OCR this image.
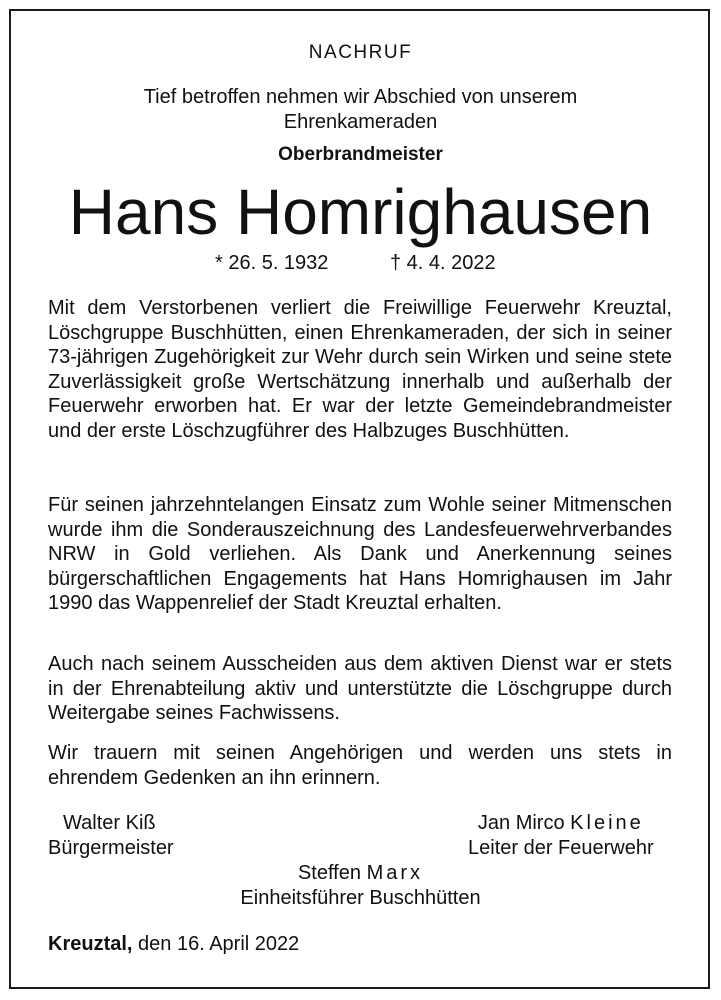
NACHRUF
Tief betroffen nehmen wir Abschied von unserem
Ehrenkameraden
Oberbrandmeister
Hans Homrighausen
* 26. 5. 1932	† 4. 4. 2022
Mit dem Verstorbenen verliert die Freiwillige Feuerwehr Kreuztal, Löschgruppe Buschhütten, einen Ehrenkameraden, der sich in seiner 73-jährigen Zugehörigkeit zur Wehr durch sein Wirken und seine stete Zuverlässigkeit große Wertschätzung innerhalb und außerhalb der Feuerwehr erworben hat. Er war der letzte Gemeindebrandmeister und der erste Löschzugführer des Halbzuges Buschhütten.
Für seinen jahrzehntelangen Einsatz zum Wohle seiner Mitmenschen wurde ihm die Sonderauszeichnung des Landesfeuerwehrverbandes NRW in Gold verliehen. Als Dank und Anerkennung seines bürgerschaftlichen Engagements hat Hans Homrighausen im Jahr 1990 das Wappenrelief der Stadt Kreuztal erhalten.
Auch nach seinem Ausscheiden aus dem aktiven Dienst war er stets in der Ehrenabteilung aktiv und unterstützte die Löschgruppe durch Weitergabe seines Fachwissens.
Wir trauern mit seinen Angehörigen und werden uns stets in ehrendem Gedenken an ihn erinnern.
Walter Kiß
Bürgermeister
Jan Mirco Kleine
Leiter der Feuerwehr
Steffen Marx
Einheitsführer Buschhütten
Kreuztal, den 16. April 2022
